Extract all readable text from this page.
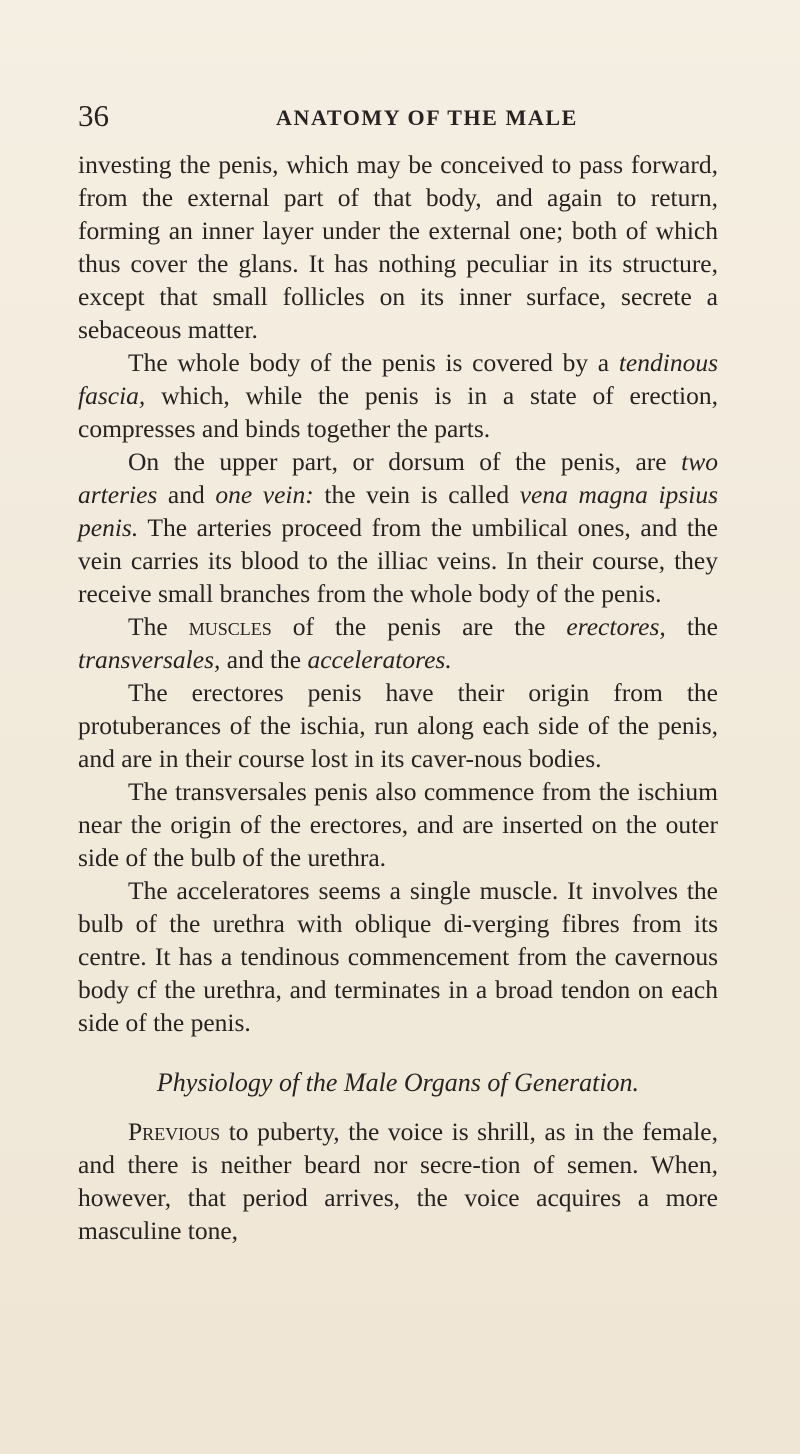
36	ANATOMY OF THE MALE

investing the penis, which may be conceived to pass forward, from the external part of that body, and again to return, forming an inner layer under the external one; both of which thus cover the glans. It has nothing peculiar in its structure, except that small follicles on its inner surface, secrete a sebaceous matter.

The whole body of the penis is covered by a tendinous fascia, which, while the penis is in a state of erection, compresses and binds together the parts.

On the upper part, or dorsum of the penis, are two arteries and one vein: the vein is called vena magna ipsius penis. The arteries proceed from the umbilical ones, and the vein carries its blood to the illiac veins. In their course, they receive small branches from the whole body of the penis.

The muscles of the penis are the erectores, the transversales, and the acceleratores.

The erectores penis have their origin from the protuberances of the ischia, run along each side of the penis, and are in their course lost in its caver-nous bodies.

The transversales penis also commence from the ischium near the origin of the erectores, and are inserted on the outer side of the bulb of the urethra.

The acceleratores seems a single muscle. It involves the bulb of the urethra with oblique di-verging fibres from its centre. It has a tendinous commencement from the cavernous body cf the urethra, and terminates in a broad tendon on each side of the penis.

Physiology of the Male Organs of Generation.

Previous to puberty, the voice is shrill, as in the female, and there is neither beard nor secre-tion of semen. When, however, that period arrives, the voice acquires a more masculine tone,
